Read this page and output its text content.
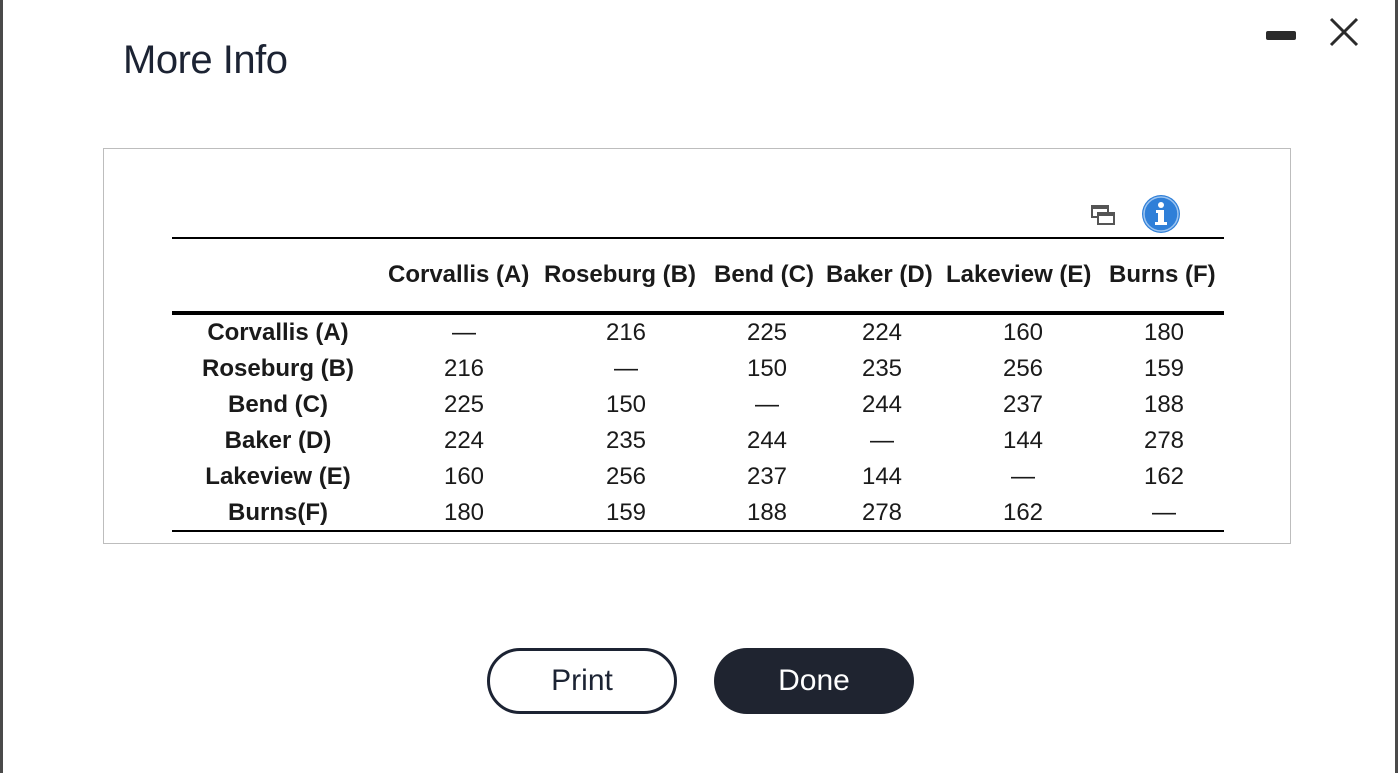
More Info
Corvallis (A) Roseburg (B) Bend (C) Baker (D) Lakeview (E) Burns (F)
Corvallis (A)	—	216	225	224	160	180
Roseburg (B)	216	—	150	235	256	159
Bend (C)	225	150	—	244	237	188
Baker (D)	224	235	244	—	144	278
Lakeview (E)	160	256	237	144	—	162
Burns(F)	180	159	188	278	162	—
Print	Done
